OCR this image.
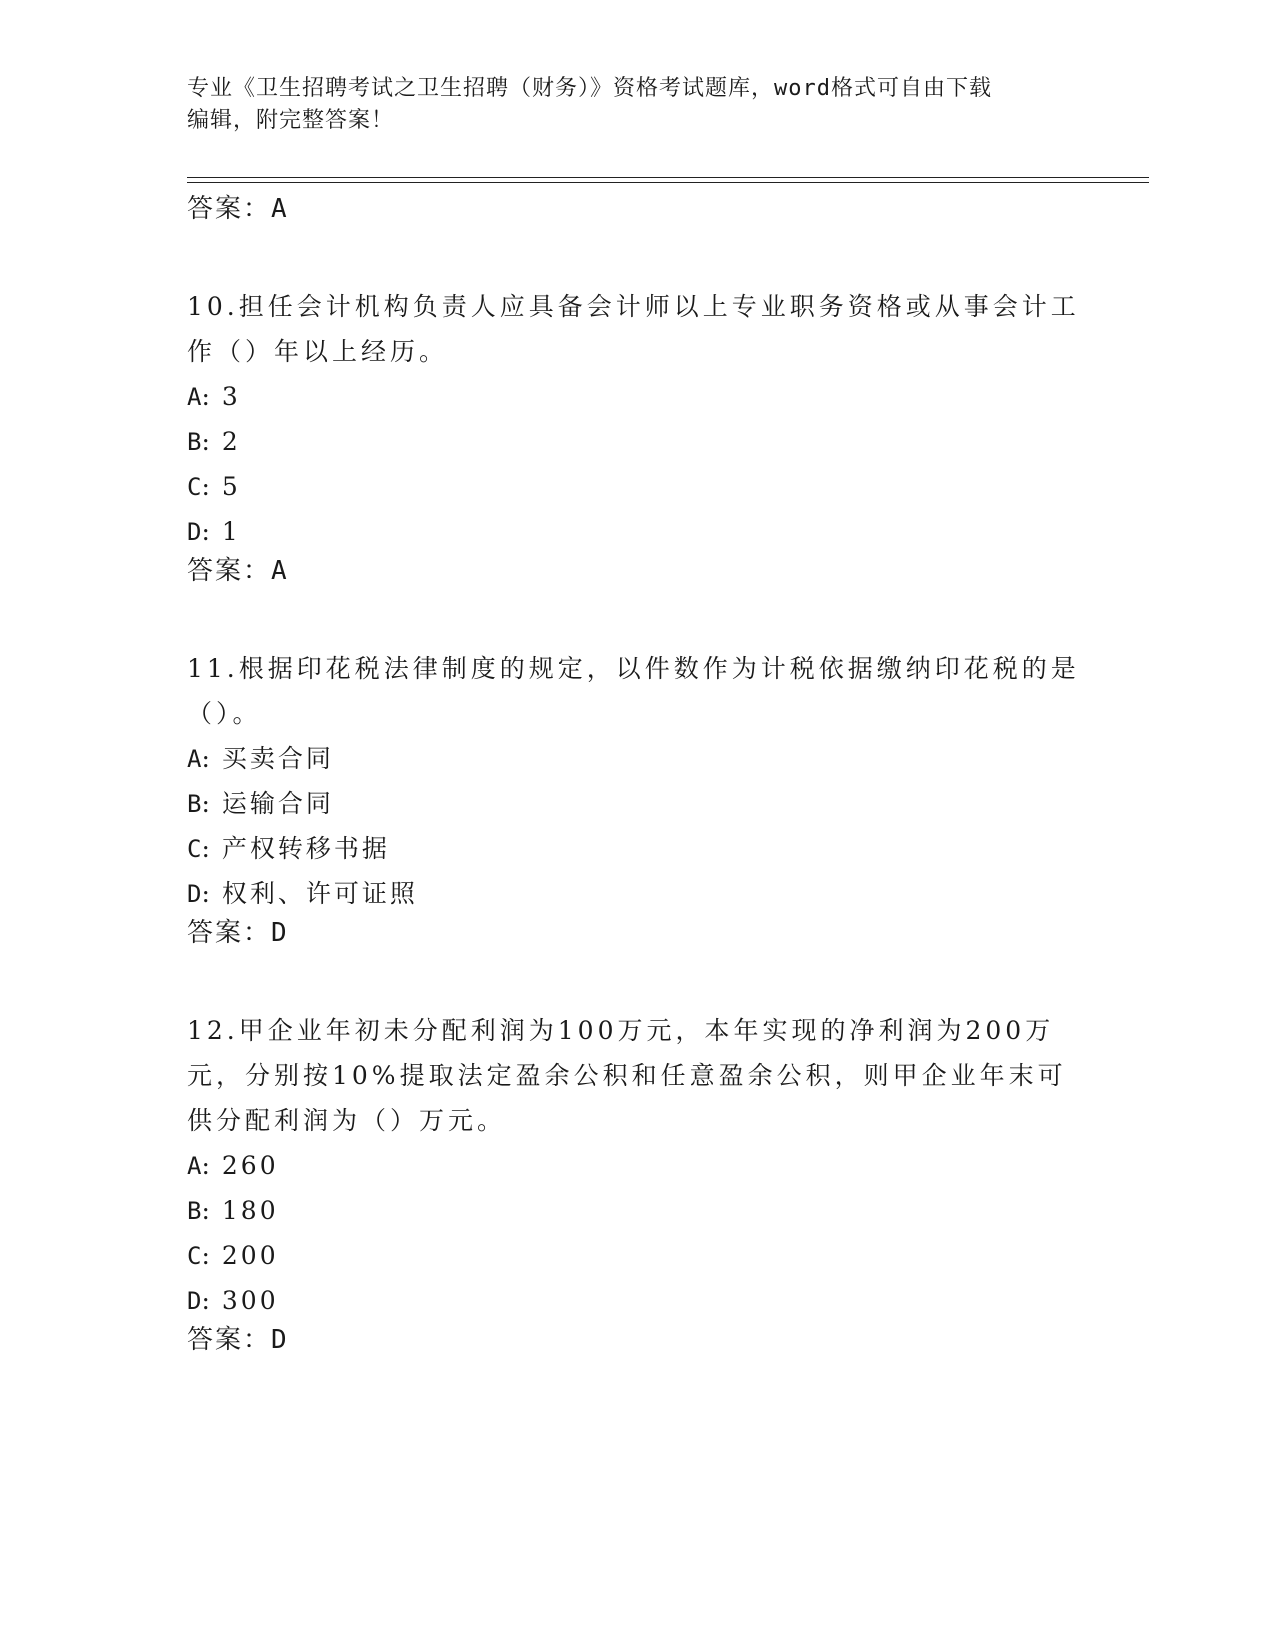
专业《卫生招聘考试之卫生招聘（财务）》资格考试题库，word格式可自由下载
编辑，附完整答案！

答案：A

10.担任会计机构负责人应具备会计师以上专业职务资格或从事会计工作（）年以上经历。

A: 3

B: 2

C: 5

D: 1

答案：A

11.根据印花税法律制度的规定，以件数作为计税依据缴纳印花税的是（）。

A: 买卖合同

B: 运输合同

C: 产权转移书据

D: 权利、许可证照

答案：D

12.甲企业年初未分配利润为100万元，本年实现的净利润为200万元，分别按10%提取法定盈余公积和任意盈余公积，则甲企业年末可供分配利润为（）万元。

A: 260

B: 180

C: 200

D: 300

答案：D
